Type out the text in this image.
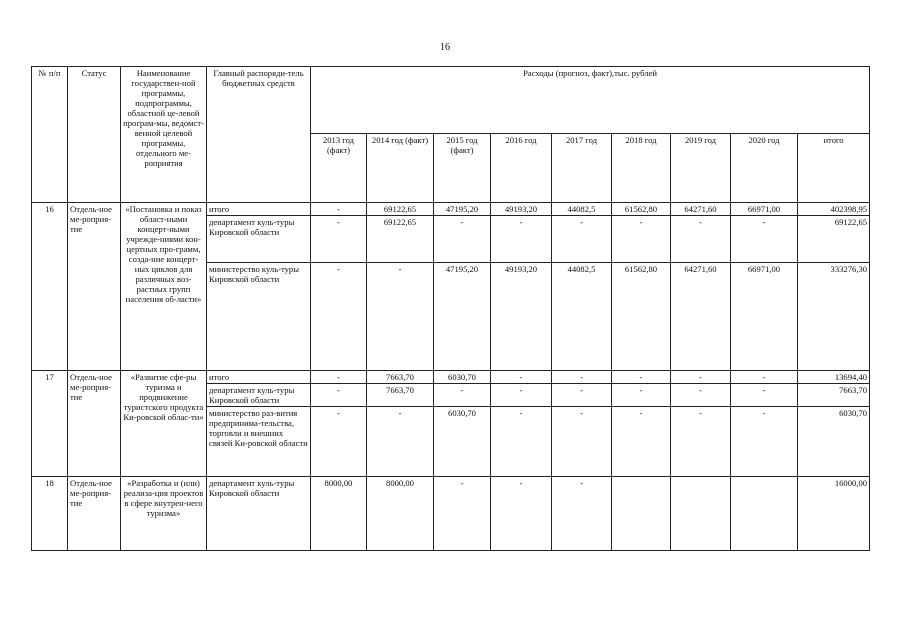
16
№ п/п	Статус	Наименование государствен-ной программы, подпрограммы, областной це-левой програм-мы, ведомст-венной целевой программы, отдельного ме-роприятия	Главный распоряди-тель бюджетных средств	Расходы (прогноз, факт),тыс. рублей								
				2013 год (факт)	2014 год (факт)	2015 год (факт)	2016 год	2017 год	2018 год	2019 год	2020 год	итого
16	Отдель-ное ме-роприя-тие	«Постановка и показ област-ными концерт-ными учрежде-ниями кон-цертных про-грамм, созда-ние концерт-ных циклов для различных воз-растных групп населения об-ласти»	итого	-	69122,65	47195,20	49193,20	44082,5	61562,80	64271,60	66971,00	402398,95
			департамент куль-туры Кировской области	-	69122,65	-	-	-	-	-	-	69122,65
			министерство куль-туры Кировской области	-	-	47195,20	49193,20	44082,5	61562,80	64271,60	66971,00	333276,30
17	Отдель-ное ме-роприя-тие	«Развитие сфе-ры туризма и продвижение туристского продукта Ки-ровской облас-ти»	итого	-	7663,70	6030,70	-	-	-	-	-	13694,40
			департамент куль-туры Кировской области	-	7663,70	-	-	-	-	-	-	7663,70
			министерство раз-вития предпринима-тельства, торговли и внешних связей Ки-ровской области	-	-	6030,70	-	-	-	-	-	6030,70
18	Отдель-ное ме-роприя-тие	«Разработка и (или) реализа-ция проектов в сфере внутрен-него туризма»	департамент куль-туры Кировской области	8000,00	8000,00	-	-	-				16000,00
